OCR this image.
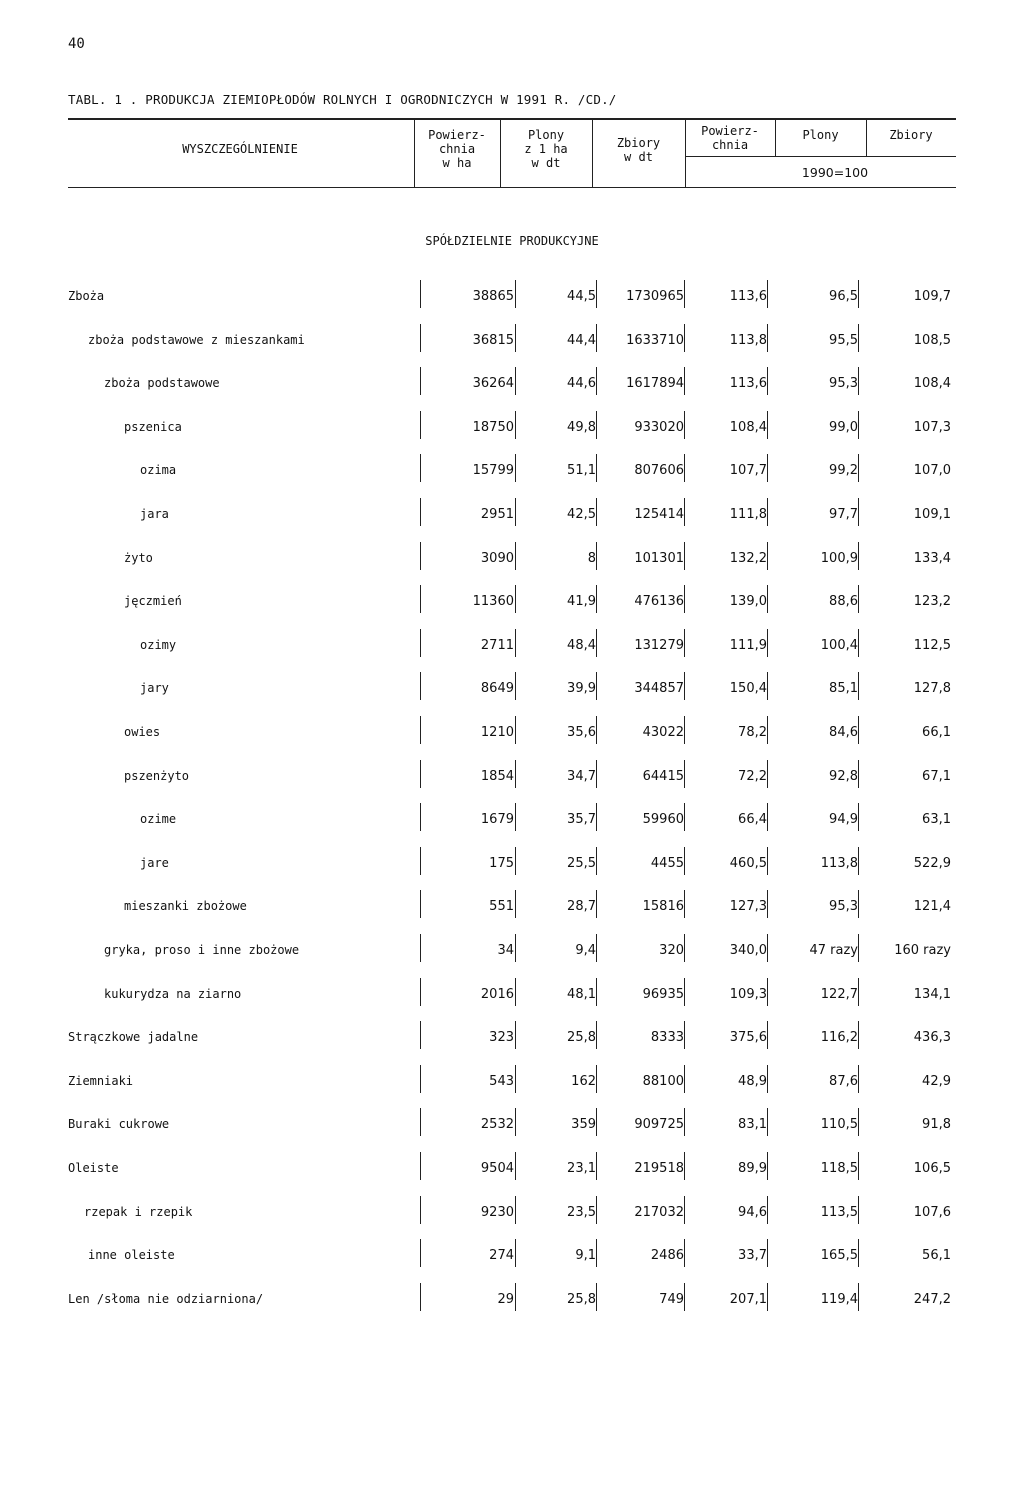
40
TABL. 1 . PRODUKCJA ZIEMIOPŁODÓW ROLNYCH I OGRODNICZYCH W 1991 R. /CD./
WYSZCZEGÓLNIENIE
Powierz-
chnia
w ha
Plony
z 1 ha
w dt
Zbiory
w dt
Powierz-
chnia
Plony	Zbiory
1990=100
SPÓŁDZIELNIE PRODUKCYJNE
Zboża	38865	44,5 1730965	113,6	96,5	109,7
zboża podstawowe z mieszankami	36815	44,4 1633710	113,8	95,5	108,5
zboża podstawowe	36264	44,6 1617894	113,6	95,3	108,4
pszenica	18750	49,8	933020	108,4	99,0	107,3
ozima	15799	51,1	807606	107,7	99,2	107,0
jara	2951	42,5	125414	111,8	97,7	109,1
żyto	3090	8	101301	132,2	100,9	133,4
jęczmień	11360	41,9	476136	139,0	88,6	123,2
ozimy	2711	48,4	131279	111,9	100,4	112,5
jary	8649	39,9	344857	150,4	85,1	127,8
owies	1210	35,6	43022	78,2	84,6	66,1
pszenżyto	1854	34,7	64415	72,2	92,8	67,1
ozime	1679	35,7	59960	66,4	94,9	63,1
jare	175	25,5	4455	460,5	113,8	522,9
mieszanki zbożowe	551	28,7	15816	127,3	95,3	121,4
gryka, proso i inne zbożowe	34	9,4	320	340,0	47 razy	160 razy
kukurydza na ziarno	2016	48,1	96935	109,3	122,7	134,1
Strączkowe jadalne	323	25,8	8333	375,6	116,2	436,3
Ziemniaki	543	162	88100	48,9	87,6	42,9
Buraki cukrowe	2532	359	909725	83,1	110,5	91,8
Oleiste	9504	23,1	219518	89,9	118,5	106,5
rzepak i rzepik	9230	23,5	217032	94,6	113,5	107,6
inne oleiste	274	9,1	2486	33,7	165,5	56,1
Len /słoma nie odziarniona/	29	25,8	749	207,1	119,4	247,2
